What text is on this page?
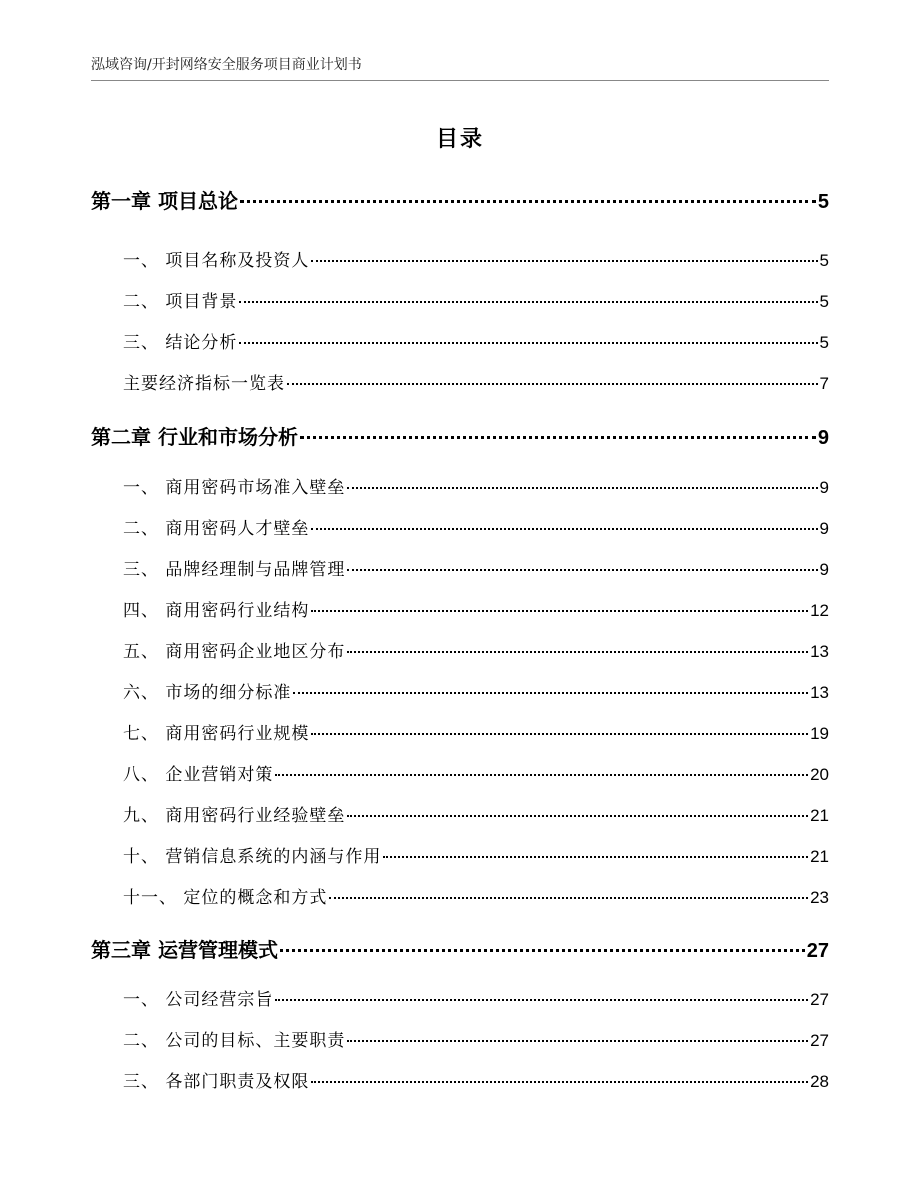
泓域咨询/开封网络安全服务项目商业计划书
目录
第一章 项目总论	5
一、 项目名称及投资人	5
二、 项目背景	5
三、 结论分析	5
主要经济指标一览表	7
第二章 行业和市场分析	9
一、 商用密码市场准入壁垒	9
二、 商用密码人才壁垒	9
三、 品牌经理制与品牌管理	9
四、 商用密码行业结构	12
五、 商用密码企业地区分布	13
六、 市场的细分标准	13
七、 商用密码行业规模	19
八、 企业营销对策	20
九、 商用密码行业经验壁垒	21
十、 营销信息系统的内涵与作用	21
十一、 定位的概念和方式	23
第三章 运营管理模式	27
一、 公司经营宗旨	27
二、 公司的目标、主要职责	27
三、 各部门职责及权限	28
